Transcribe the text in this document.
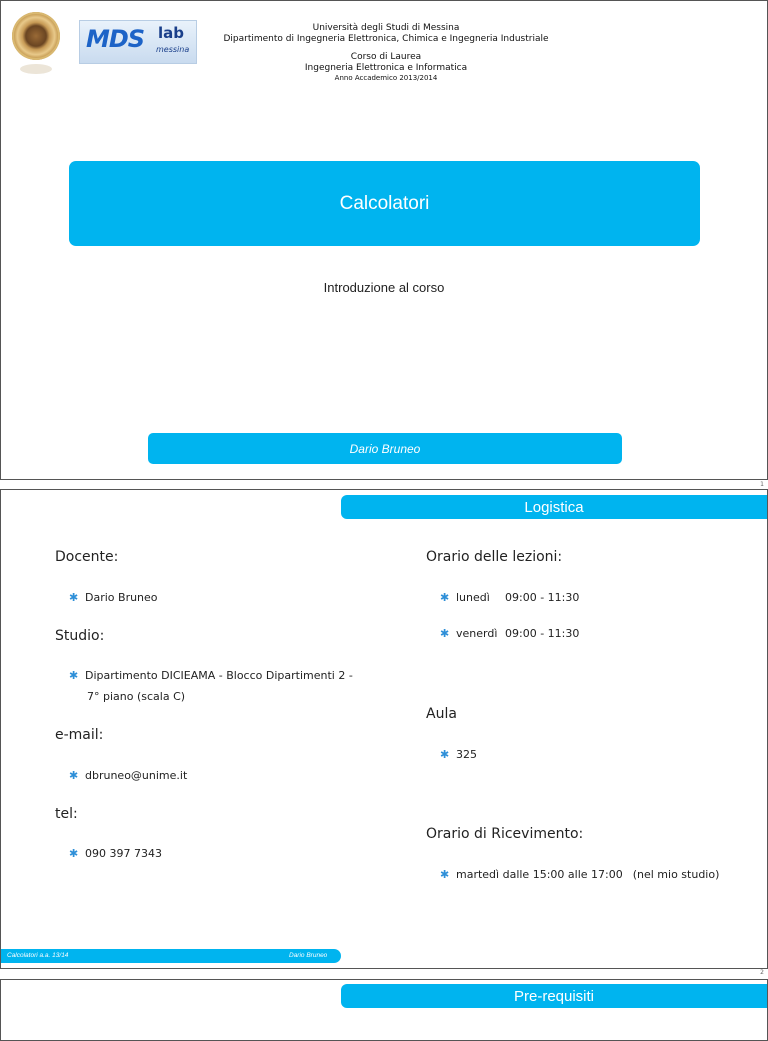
MDS lab
messina
Università degli Studi di Messina
Dipartimento di Ingegneria Elettronica, Chimica e Ingegneria Industriale
Corso di Laurea
Ingegneria Elettronica e Informatica
Anno Accademico 2013/2014
Calcolatori
Introduzione al corso
Dario Bruneo
1
Logistica
Docente:
✱ Dario Bruneo
Studio:
✱ Dipartimento DICIEAMA - Blocco Dipartimenti 2 -
7° piano (scala C)
e-mail:
✱ dbruneo@unime.it
tel:
✱ 090 397 7343
Orario delle lezioni:
✱ lunedì 09:00 - 11:30
✱ venerdì 09:00 - 11:30
Aula
✱ 325
Orario di Ricevimento:
✱ martedì dalle 15:00 alle 17:00 (nel mio studio)
Calcolatori a.a. 13/14	Dario Bruneo
2
Pre-requisiti
